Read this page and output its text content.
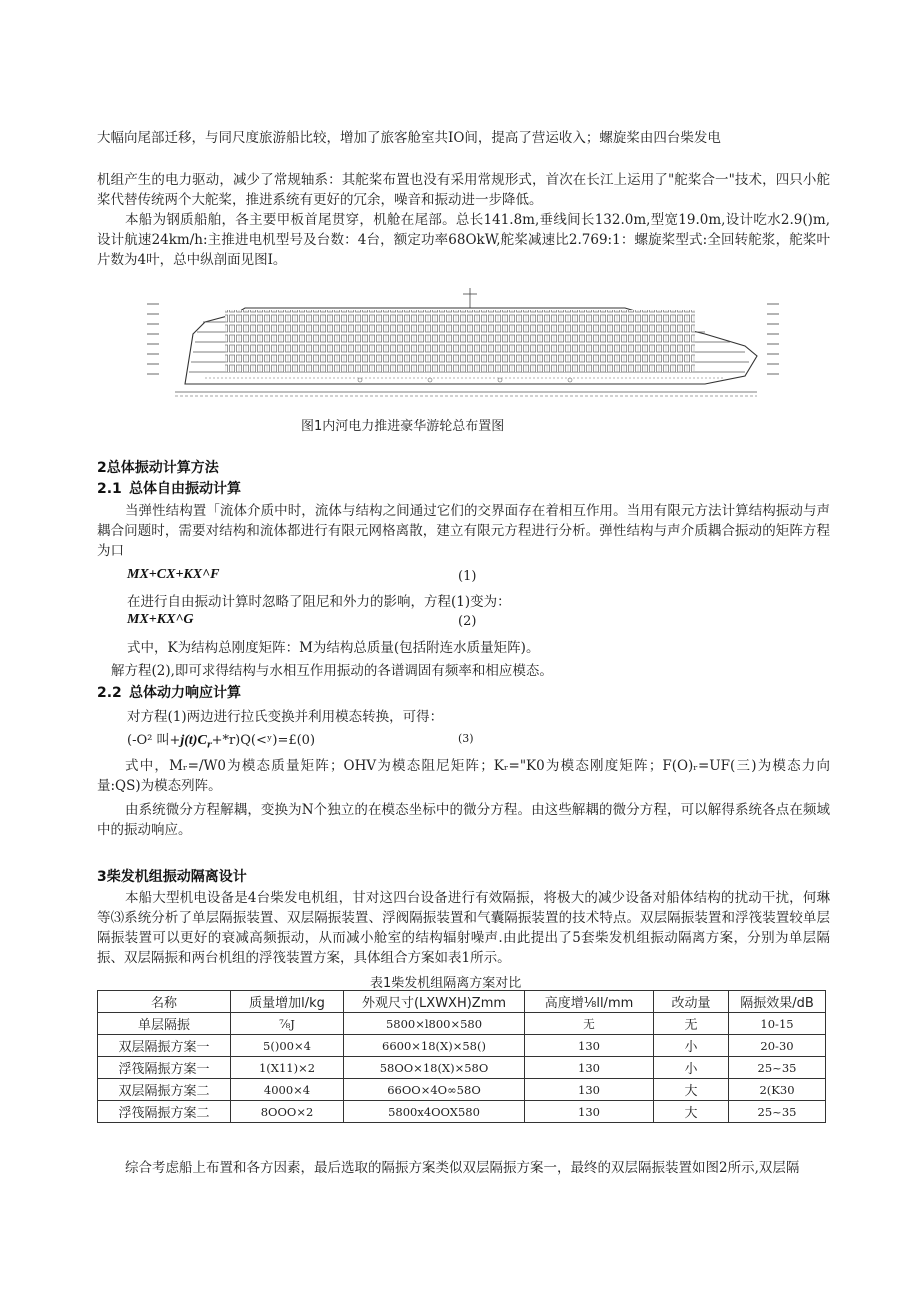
大幅向尾部迁移，与同尺度旅游船比较，增加了旅客舱室共IO间，提高了营运收入；螺旋桨由四台柴发电
机组产生的电力驱动，减少了常规轴系：其舵桨布置也没有采用常规形式，首次在长江上运用了"舵桨合一"技术，四只小舵桨代替传统两个大舵桨，推进系统有更好的冗余，噪音和振动进一步降低。
本船为钢质船舶，各主要甲板首尾贯穿，机舱在尾部。总长141.8m,垂线间长132.0m,型宽19.0m,设计吃水2.9()m,设计航速24km/h:主推进电机型号及台数：4台，额定功率68OkW,舵桨减速比2.769:1：螺旋桨型式:全回转舵浆，舵桨叶片数为4叶，总中纵剖面见图I。
图1内河电力推进豪华游轮总布置图
2总体振动计算方法
2.1 总体自由振动计算
当弹性结构置「流体介质中时，流体与结构之间通过它们的交界面存在着相互作用。当用有限元方法计算结构振动与声耦合问题时，需要对结构和流体都进行有限元网格离散，建立有限元方程进行分析。弹性结构与声介质耦合振动的矩阵方程为口
MX+CX+KX^F	(1)
在进行自由振动计算时忽略了阻尼和外力的影响，方程(1)变为：
MX+KX^G	(2)
式中，K为结构总刚度矩阵：M为结构总质量(包括附连水质量矩阵)。
解方程(2),即可求得结构与水相互作用振动的各谱调固有频率和相应模态。
2.2 总体动力响应计算
对方程(1)两边进行拉氏变换并利用模态转换，可得：
(-O² 叫$+j(t)C_r+*r)Q(<ʸ)=£(0)$	(3)
式中，Mᵣ=/W0为模态质量矩阵；OHV为模态阻尼矩阵；Kᵣ="K0为模态刚度矩阵；F(O)ᵣ=UF(三)为模态力向量:QS)为模态列阵。
由系统微分方程解耦，变换为N个独立的在模态坐标中的微分方程。由这些解耦的微分方程，可以解得系统各点在频域中的振动响应。
3柴发机组振动隔离设计
本船大型机电设备是4台柴发电机组，甘对这四台设备进行有效隔振，将极大的减少设备对船体结构的扰动干扰，何琳等⑶系统分析了单层隔振装置、双层隔振装置、浮阀隔振装置和气囊隔振装置的技术特点。双层隔振装置和浮筏装置较单层隔振装置可以更好的衰减高频振动，从而减小舱室的结构辐射噪声.由此提出了5套柴发机组振动隔离方案，分别为单层隔振、双层隔振和两台机组的浮筏装置方案，具体组合方案如表1所示。
表1柴发机组隔离方案对比
名称	质量增加l/kg	外观尺寸(LXWXH)Zmm	高度增⅛ll/mm	改动量	隔振效果/dB
单层隔振	⅞J	5800×l800×580	无	无	10-15
双层隔振方案一	5()00×4	6600×18(X)×58()	130	小	20-30
浮筏隔振方案一	1(X11)×2	58OO×18(X)×58O	130	小	25~35
双层隔振方案二	4000×4	66OO×4O∞58O	130	大	2(K30
浮筏隔振方案二	8OOO×2	5800x4OOX580	130	大	25~35
综合考虑船上布置和各方因素，最后选取的隔振方案类似双层隔振方案一，最终的双层隔振装置如图2所示,双层隔
